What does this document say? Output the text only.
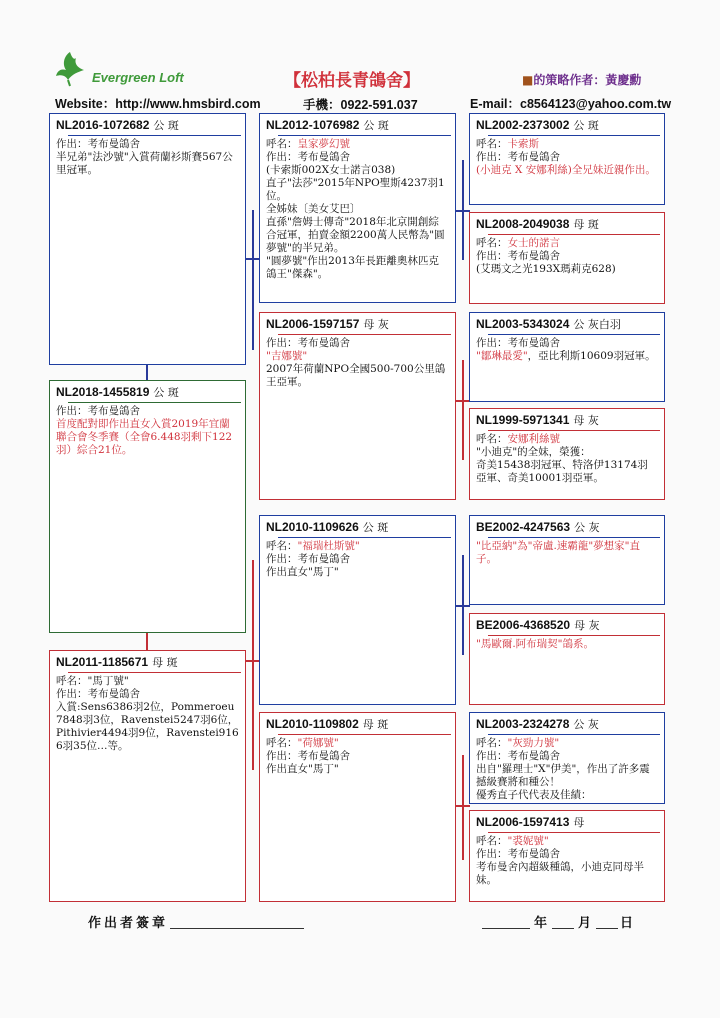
Evergreen Loft	【松柏長青鴿舍】	■的策略作者：黃慶勳
Website：http://www.hmsbird.com	手機：0922-591.037	E-mail：c8564123@yahoo.com.tw
NL2016-1072682 公 斑
作出：考布曼鴿舍
半兄弟"法沙號"入賞荷蘭衫斯賽567公里冠軍。
NL2018-1455819 公 斑
作出：考布曼鴿舍
首度配對即作出直女入賞2019年宜蘭聯合會冬季賽（全會6.448羽剩下122羽）綜合21位。
NL2011-1185671 母 斑
呼名："馬丁號"
作出：考布曼鴿舍
入賞:Sens6386羽2位，Pommeroeu7848羽3位，Ravenstei5247羽6位，Pithivier4494羽9位，Ravenstei9166羽35位…等。
NL2012-1076982 公 斑
呼名：皇家夢幻號
作出：考布曼鴿舍
(卡索斯002X女士諾言038)
直子"法莎"2015年NPO聖斯4237羽1位。
全姊妹〔美女艾巴〕
直孫"詹姆士傳奇"2018年北京開創綜合冠軍，拍賣金額2200萬人民幣為"圓夢號"的半兄弟。
"圓夢號"作出2013年長距離奧林匹克鴿王"傑森"。
NL2006-1597157 母 灰
作出：考布曼鴿舍
"吉娜號"
2007年荷蘭NPO全國500-700公里鴿王亞軍。
NL2010-1109626 公 斑
呼名："福瑞杜斯號"
作出：考布曼鴿舍
作出直女"馬丁"
NL2010-1109802 母 斑
呼名："荷娜號"
作出：考布曼鴿舍
作出直女"馬丁"
NL2002-2373002 公 斑
呼名：卡索斯
作出：考布曼鴿舍
(小迪克 X 安娜利絲)全兄妹近親作出。
NL2008-2049038 母 斑
呼名：女士的諾言
作出：考布曼鴿舍
(艾瑪文之光193X瑪莉克628)
NL2003-5343024 公 灰白羽
作出：考布曼鴿舍
"鄒琳最愛"，亞比利斯10609羽冠軍。
NL1999-5971341 母 灰
呼名：安娜利絲號
"小迪克"的全妹，榮獲：
奇美15438羽冠軍、特洛伊13174羽亞軍、奇美10001羽亞軍。
BE2002-4247563 公 灰
"比亞納"為"帝盧.速霸龍"夢想家"直子。
BE2006-4368520 母 灰
"馬歐爾.阿布瑞契"鴿系。
NL2003-2324278 公 灰
呼名："灰勁力號"
作出：考布曼鴿舍
出自"羅理士"X"伊美"，作出了許多震撼級賽將和種公！
優秀直子代代表及佳績：
NL2006-1597413 母
呼名："裘妮號"
作出：考布曼鴿舍
考布曼舍內超級種鴿，小迪克同母半妹。
作出者簽章	年 月 日
